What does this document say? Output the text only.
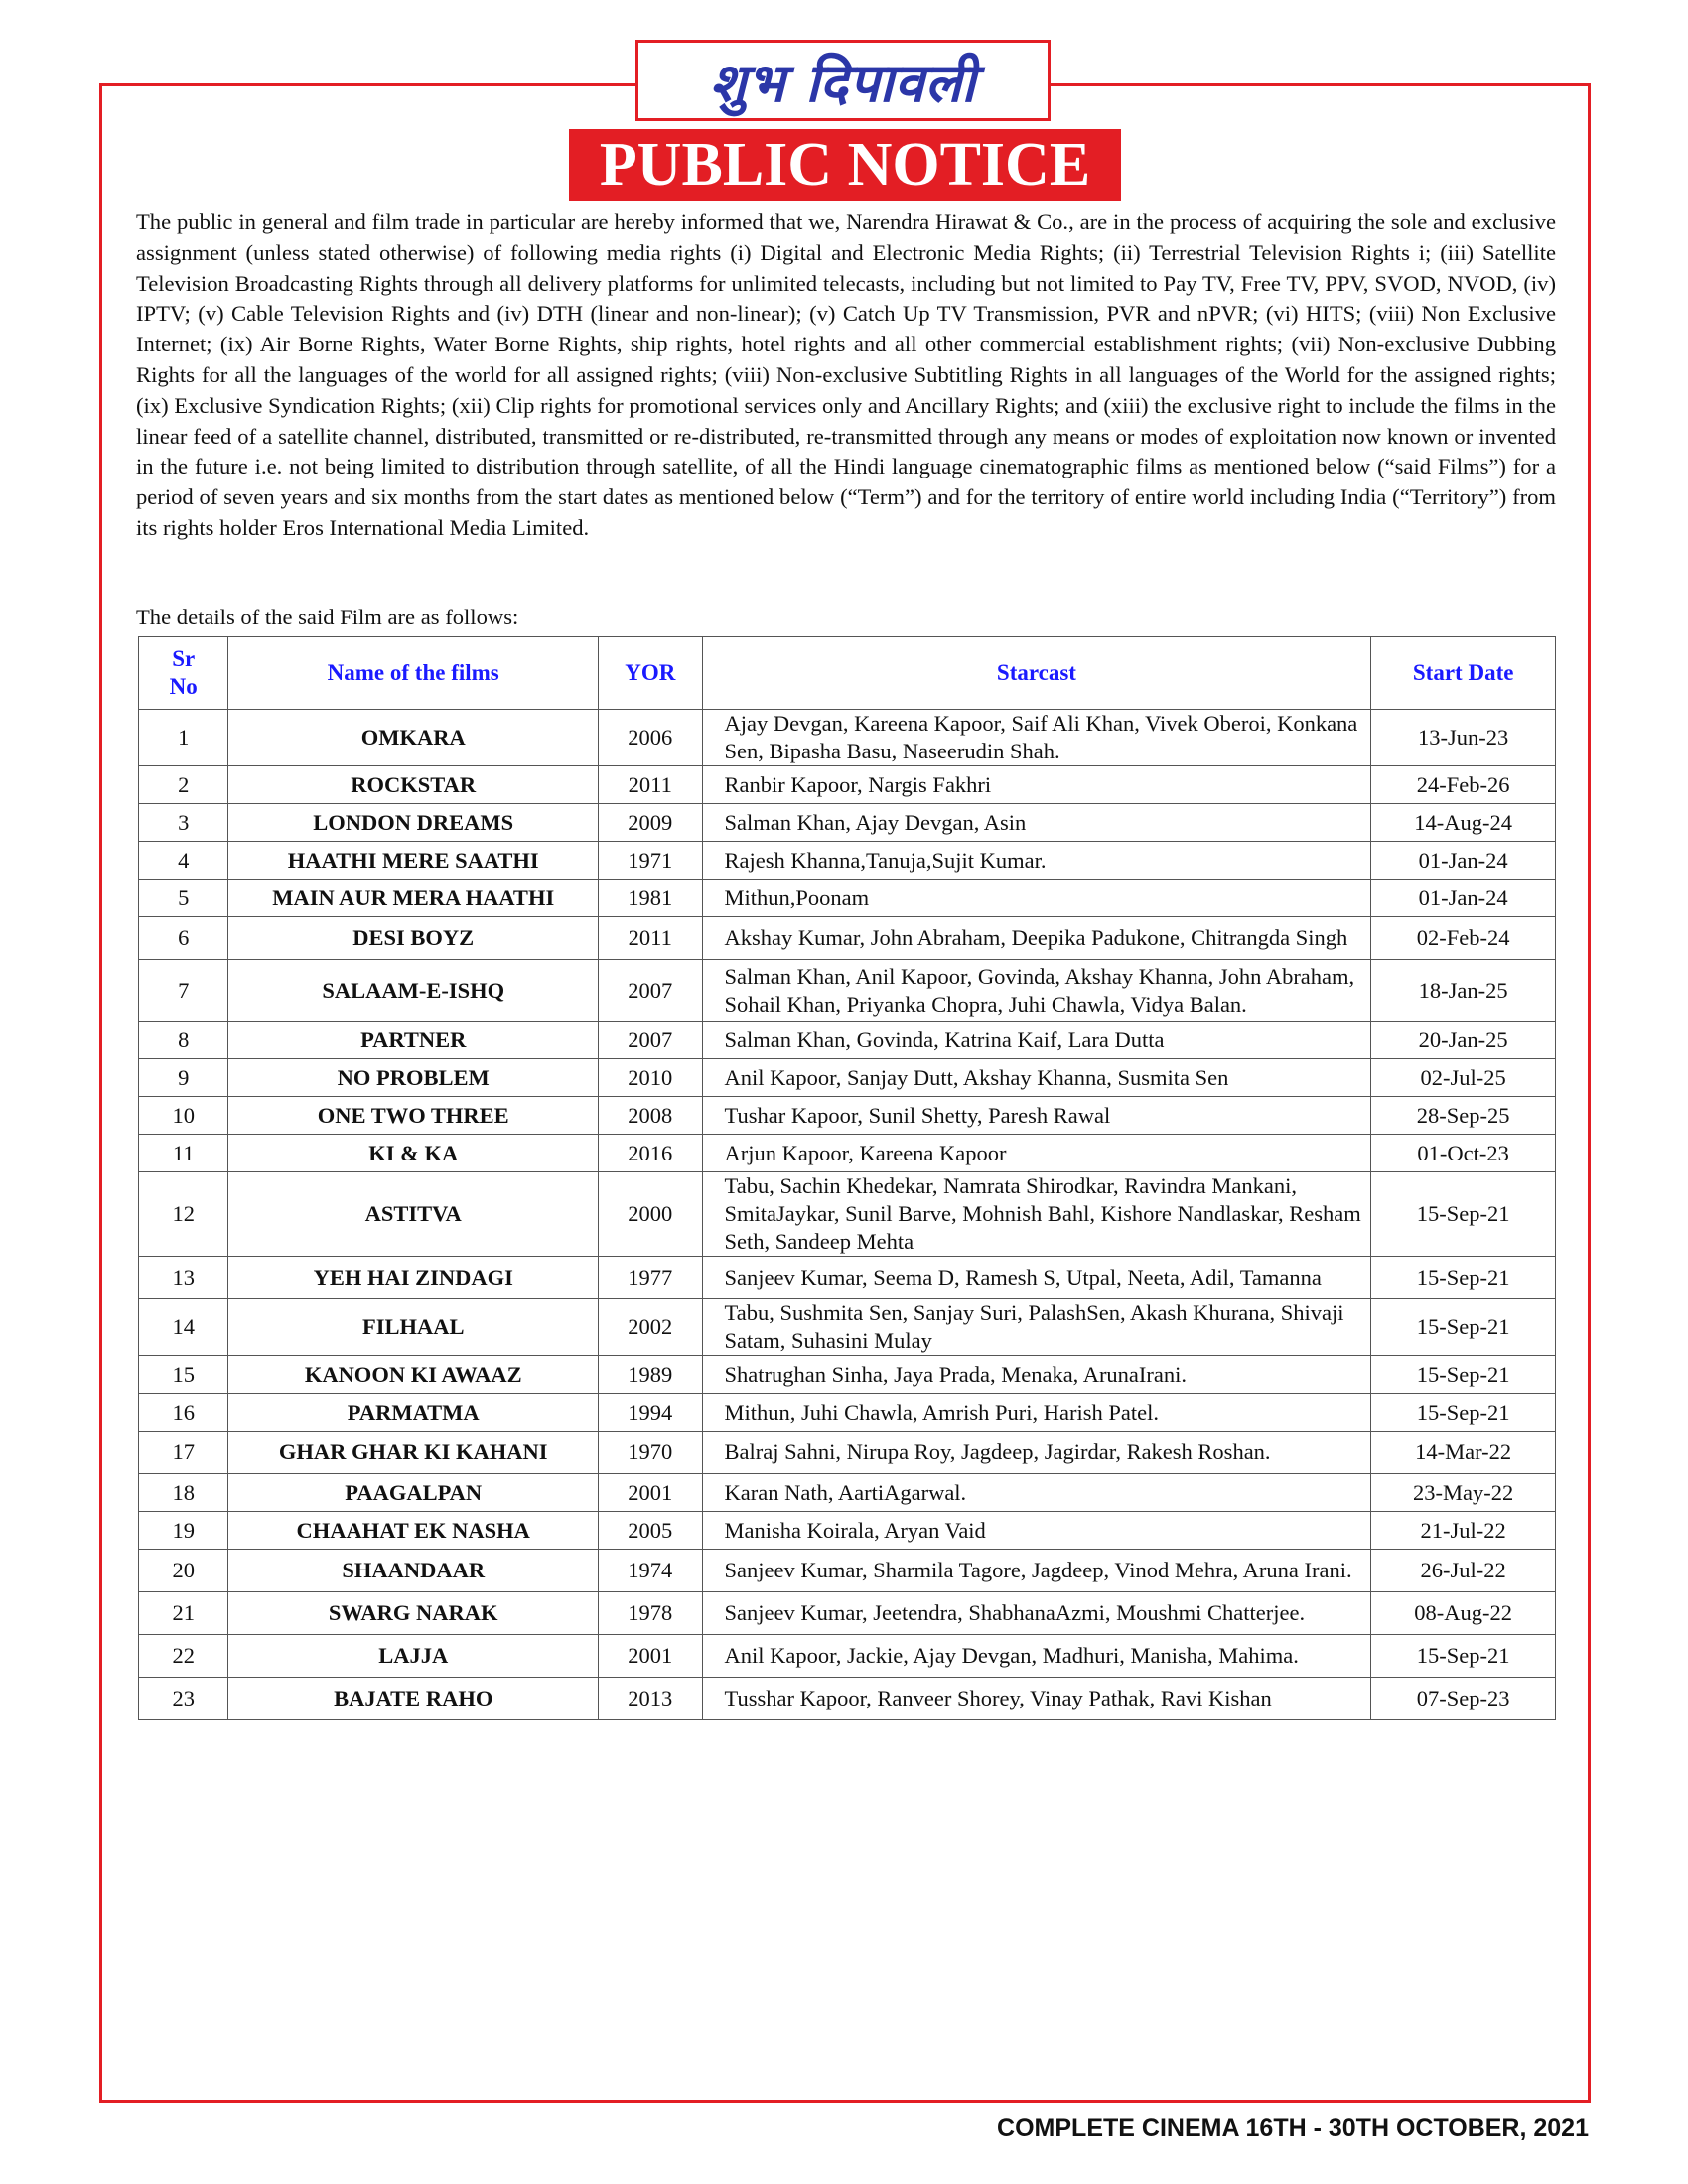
शुभ दिपावली
PUBLIC NOTICE

The public in general and film trade in particular are hereby informed that we, Narendra Hirawat & Co., are in the process of acquiring the sole and exclusive assignment (unless stated otherwise) of following media rights (i) Digital and Electronic Media Rights; (ii) Terrestrial Television Rights i; (iii) Satellite Television Broadcasting Rights through all delivery platforms for unlimited telecasts, including but not limited to Pay TV, Free TV, PPV, SVOD, NVOD, (iv) IPTV; (v) Cable Television Rights and (iv) DTH (linear and non-linear); (v) Catch Up TV Transmission, PVR and nPVR; (vi) HITS; (viii) Non Exclusive Internet; (ix) Air Borne Rights, Water Borne Rights, ship rights, hotel rights and all other commercial establishment rights; (vii) Non-exclusive Dubbing Rights for all the languages of the world for all assigned rights; (viii) Non-exclusive Subtitling Rights in all languages of the World for the assigned rights; (ix) Exclusive Syndication Rights; (xii) Clip rights for promotional services only and Ancillary Rights; and (xiii) the exclusive right to include the films in the linear feed of a satellite channel, distributed, transmitted or re-distributed, re-transmitted through any means or modes of exploitation now known or invented in the future i.e. not being limited to distribution through satellite, of all the Hindi language cinematographic films as mentioned below (“said Films”) for a period of seven years and six months from the start dates as mentioned below (“Term”) and for the territory of entire world including India (“Territory”) from its rights holder Eros International Media Limited.

The details of the said Film are as follows:

Sr
No	Name of the films	YOR	Starcast	Start Date
1	OMKARA	2006	Ajay Devgan, Kareena Kapoor, Saif Ali Khan, Vivek Oberoi, Konkana Sen, Bipasha Basu, Naseerudin Shah.	13-Jun-23
2	ROCKSTAR	2011	Ranbir Kapoor, Nargis Fakhri	24-Feb-26
3	LONDON DREAMS	2009	Salman Khan, Ajay Devgan, Asin	14-Aug-24
4	HAATHI MERE SAATHI	1971	Rajesh Khanna,Tanuja,Sujit Kumar.	01-Jan-24
5	MAIN AUR MERA HAATHI	1981	Mithun,Poonam	01-Jan-24
6	DESI BOYZ	2011	Akshay Kumar, John Abraham, Deepika Padukone, Chitrangda Singh	02-Feb-24
7	SALAAM-E-ISHQ	2007	Salman Khan, Anil Kapoor, Govinda, Akshay Khanna, John Abraham, Sohail Khan, Priyanka Chopra, Juhi Chawla, Vidya Balan.	18-Jan-25
8	PARTNER	2007	Salman Khan, Govinda, Katrina Kaif, Lara Dutta	20-Jan-25
9	NO PROBLEM	2010	Anil Kapoor, Sanjay Dutt, Akshay Khanna, Susmita Sen	02-Jul-25
10	ONE TWO THREE	2008	Tushar Kapoor, Sunil Shetty, Paresh Rawal	28-Sep-25
11	KI & KA	2016	Arjun Kapoor, Kareena Kapoor	01-Oct-23
12	ASTITVA	2000	Tabu, Sachin Khedekar, Namrata Shirodkar, Ravindra Mankani, SmitaJaykar, Sunil Barve, Mohnish Bahl, Kishore Nandlaskar, Resham Seth, Sandeep Mehta	15-Sep-21
13	YEH HAI ZINDAGI	1977	Sanjeev Kumar, Seema D, Ramesh S, Utpal, Neeta, Adil, Tamanna	15-Sep-21
14	FILHAAL	2002	Tabu, Sushmita Sen, Sanjay Suri, PalashSen, Akash Khurana, Shivaji Satam, Suhasini Mulay	15-Sep-21
15	KANOON KI AWAAZ	1989	Shatrughan Sinha, Jaya Prada, Menaka, ArunaIrani.	15-Sep-21
16	PARMATMA	1994	Mithun, Juhi Chawla, Amrish Puri, Harish Patel.	15-Sep-21
17	GHAR GHAR KI KAHANI	1970	Balraj Sahni, Nirupa Roy, Jagdeep, Jagirdar, Rakesh Roshan.	14-Mar-22
18	PAAGALPAN	2001	Karan Nath, AartiAgarwal.	23-May-22
19	CHAAHAT EK NASHA	2005	Manisha Koirala, Aryan Vaid	21-Jul-22
20	SHAANDAAR	1974	Sanjeev Kumar, Sharmila Tagore, Jagdeep, Vinod Mehra, Aruna Irani.	26-Jul-22
21	SWARG NARAK	1978	Sanjeev Kumar, Jeetendra, ShabhanaAzmi, Moushmi Chatterjee.	08-Aug-22
22	LAJJA	2001	Anil Kapoor, Jackie, Ajay Devgan, Madhuri, Manisha, Mahima.	15-Sep-21
23	BAJATE RAHO	2013	Tusshar Kapoor, Ranveer Shorey, Vinay Pathak, Ravi Kishan	07-Sep-23
COMPLETE CINEMA 16TH - 30TH OCTOBER, 2021
